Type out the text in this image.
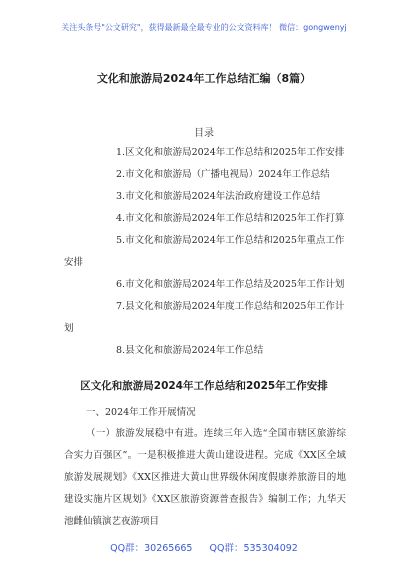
关注头条号"公文研究"，获得最新最全最专业的公文资料库！ 微信：gongwenyj
文化和旅游局2024年工作总结汇编（8篇）
目录
1.区文化和旅游局2024年工作总结和2025年工作安排
2.市文化和旅游局（广播电视局）2024年工作总结
3.市文化和旅游局2024年法治政府建设工作总结
4.市文化和旅游局2024年工作总结和2025年工作打算
5.市文化和旅游局2024年工作总结和2025年重点工作安排
6.市文化和旅游局2024年工作总结及2025年工作计划
7.县文化和旅游局2024年度工作总结和2025年工作计划
8.县文化和旅游局2024年工作总结
区文化和旅游局2024年工作总结和2025年工作安排
一、2024年工作开展情况

（一）旅游发展稳中有进。连续三年入选“全国市辖区旅游综合实力百强区”。一是积极推进大黄山建设进程。完成《XX区全域旅游发展规划》《XX区推进大黄山世界级休闲度假康养旅游目的地建设实施片区规划》《XX区旅游资源普查报告》编制工作；九华天池雌仙镇演艺夜游项目

QQ群：30265665 QQ群：535304092
